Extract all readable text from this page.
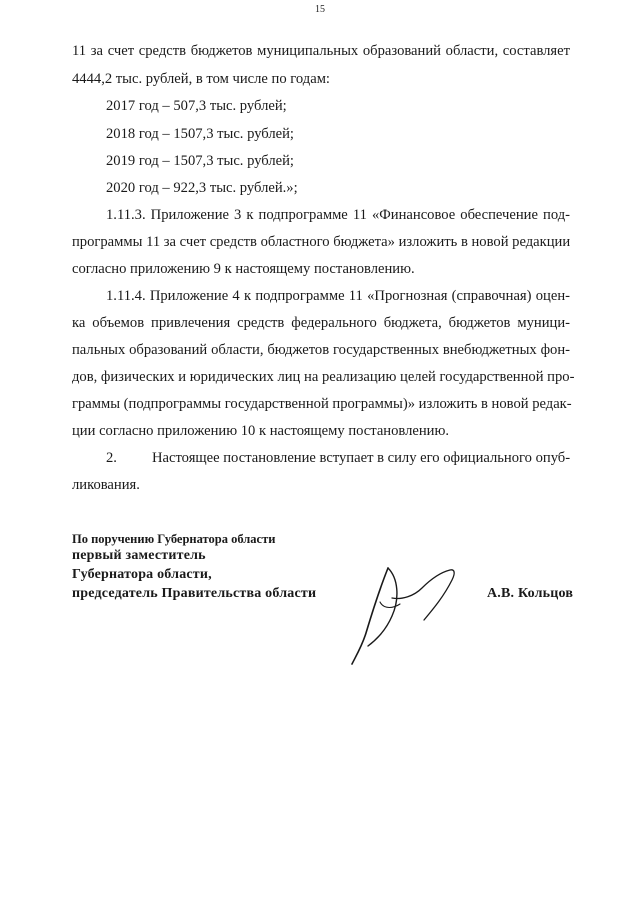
15
11 за счет средств бюджетов муниципальных образований области, составляет
4444,2 тыс. рублей, в том числе по годам:
2017 год – 507,3 тыс. рублей;
2018 год – 1507,3 тыс. рублей;
2019 год – 1507,3 тыс. рублей;
2020 год – 922,3 тыс. рублей.»;
1.11.3. Приложение 3 к подпрограмме 11 «Финансовое обеспечение под-
программы 11 за счет средств областного бюджета» изложить в новой редакции
согласно приложению 9 к настоящему постановлению.
1.11.4. Приложение 4 к подпрограмме 11 «Прогнозная (справочная) оцен-
ка объемов привлечения средств федерального бюджета, бюджетов муници-
пальных образований области, бюджетов государственных внебюджетных фон-
дов, физических и юридических лиц на реализацию целей государственной про-
граммы (подпрограммы государственной программы)» изложить в новой редак-
ции согласно приложению 10 к настоящему постановлению.
2. Настоящее постановление вступает в силу его официального опуб-
ликования.
По поручению Губернатора области
первый заместитель
Губернатора области,
председатель Правительства области	А.В. Кольцов
